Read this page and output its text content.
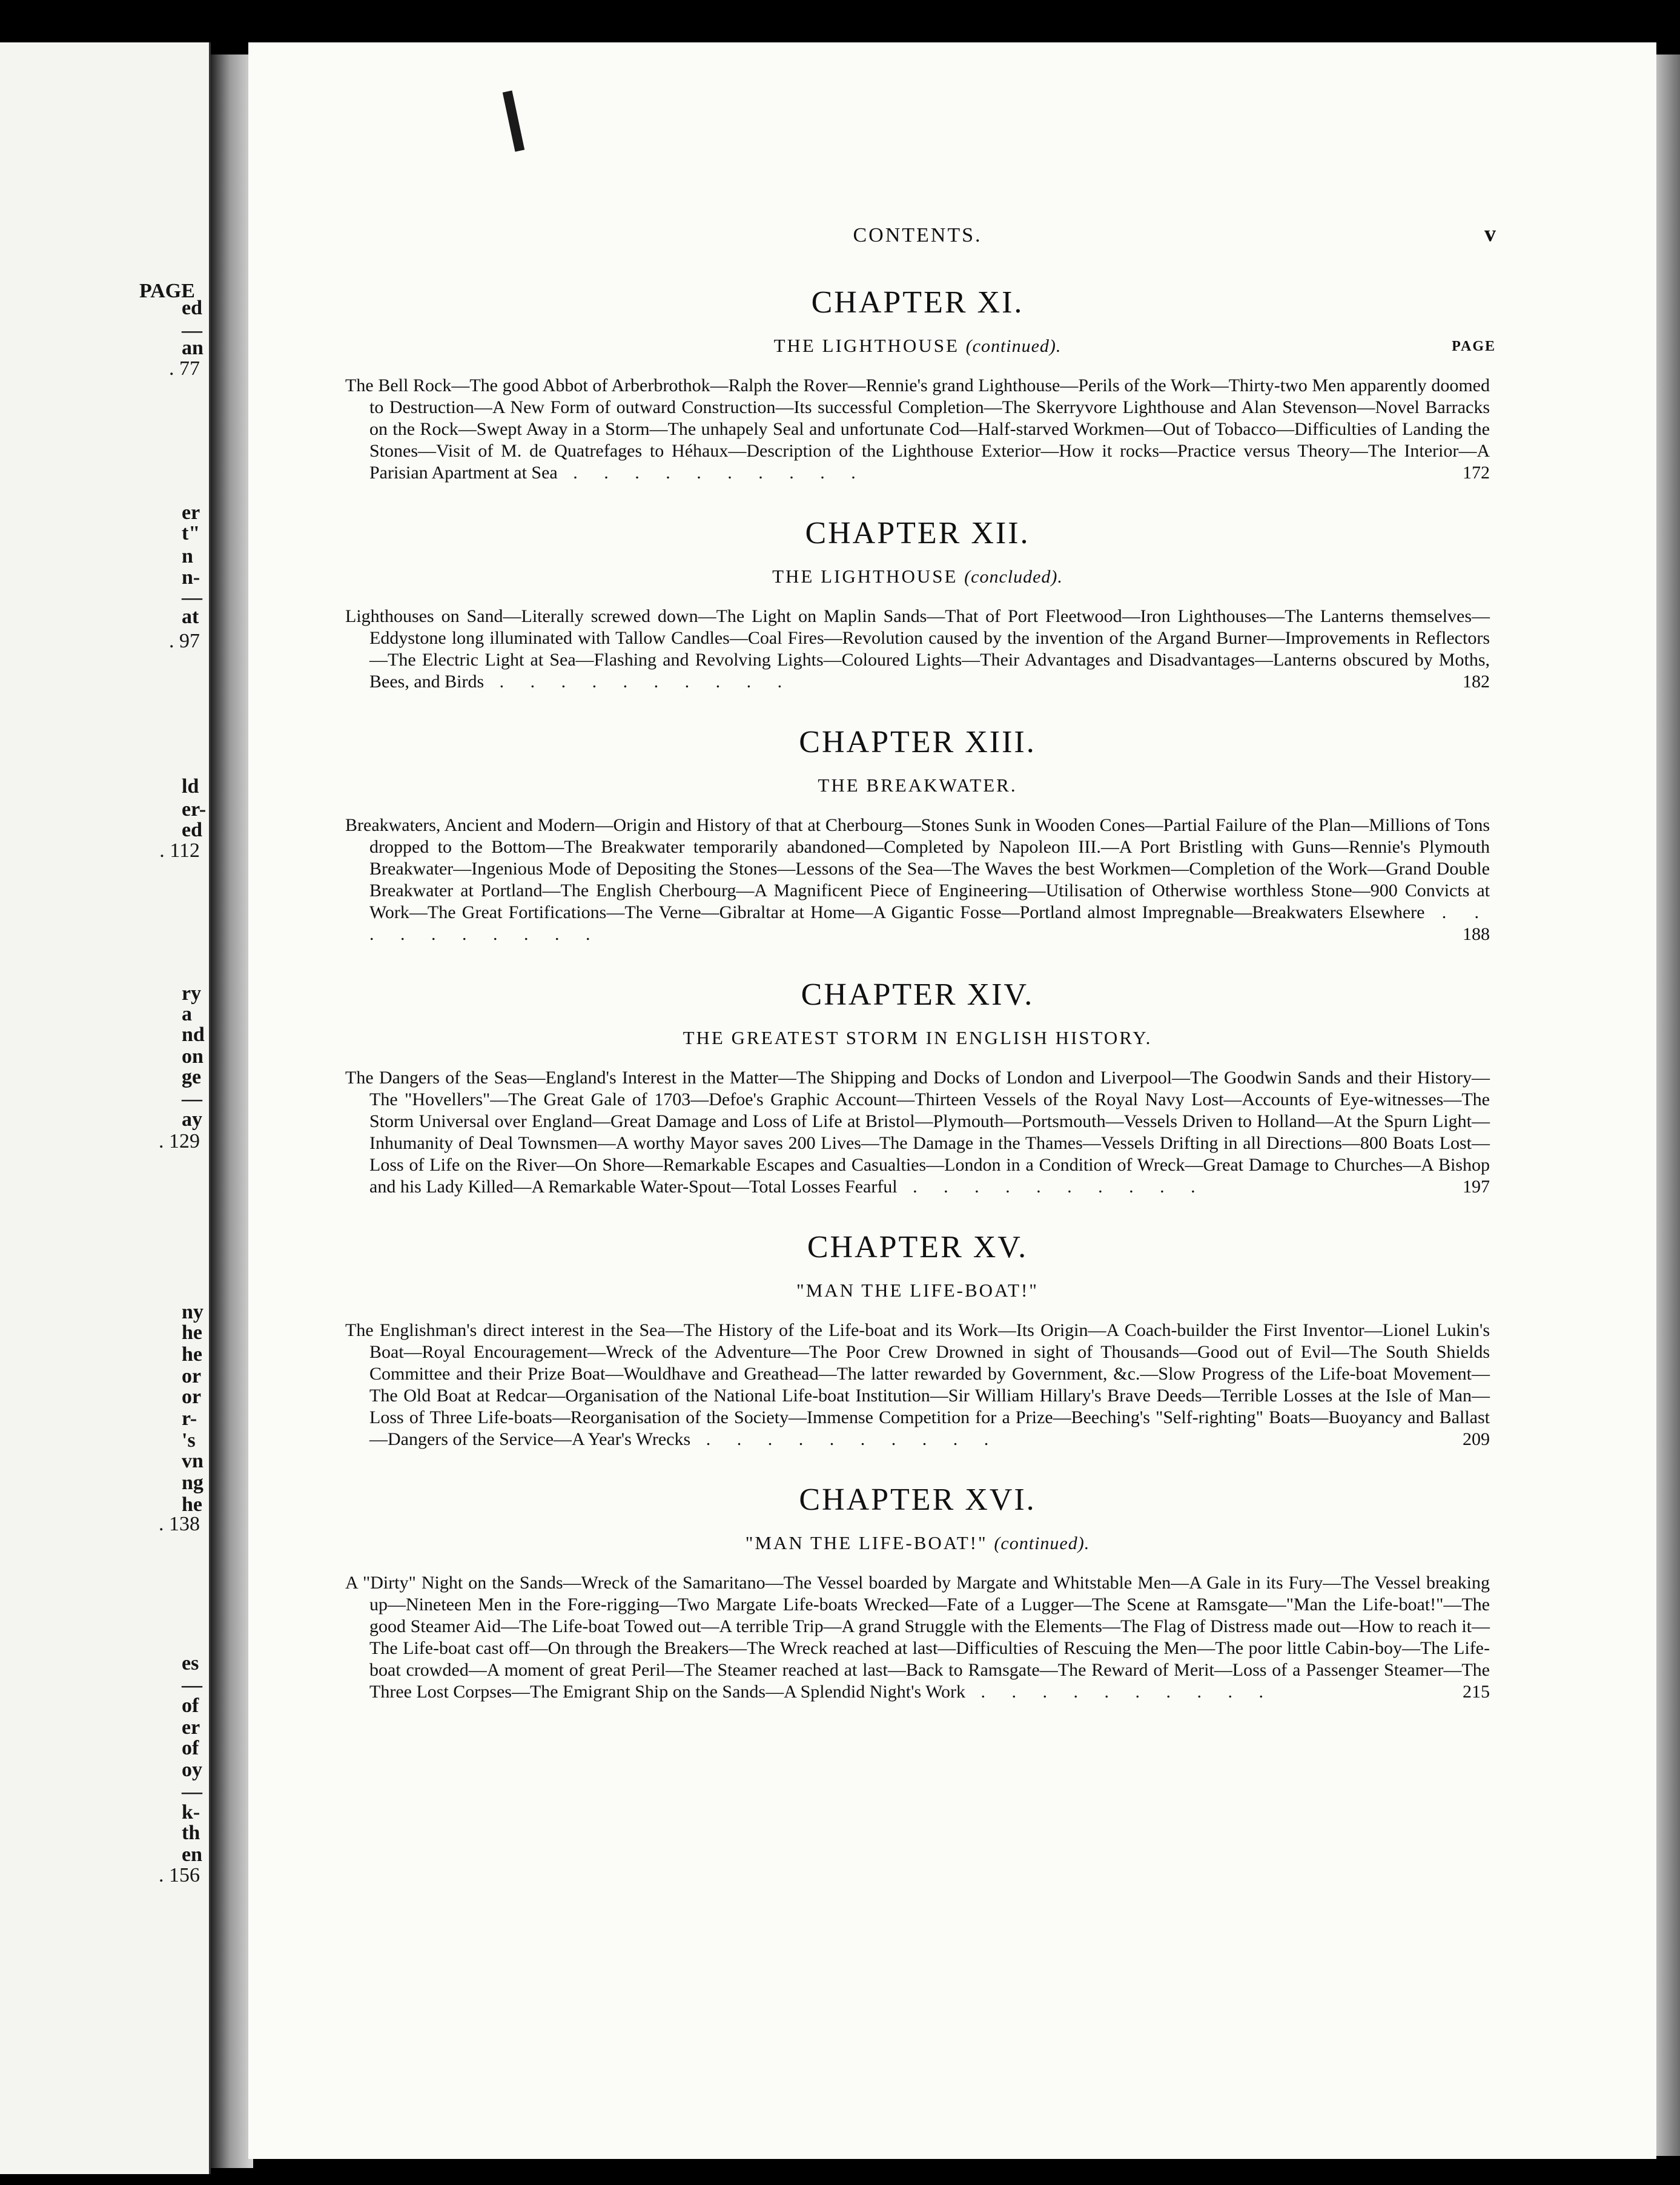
PAGE
ed
—
an
. 77
er
t"
n
n-
—
at
. 97
ld
er-
ed
. 112
ry
a
nd
on
ge
—
ay
. 129
ny
he
he
or
or
r-
's
vn
ng
he
. 138
es
—
of
er
of
oy
—
k-
th
en
. 156
CONTENTS.	v
CHAPTER XI.
THE LIGHTHOUSE (continued).	PAGE
The Bell Rock—The good Abbot of Arberbrothok—Ralph the Rover—Rennie's grand Lighthouse—Perils of the Work—Thirty-two Men apparently doomed to Destruction—A New Form of outward Construction—Its successful Completion—The Skerryvore Lighthouse and Alan Stevenson—Novel Barracks on the Rock—Swept Away in a Storm—The unhapely Seal and unfortunate Cod—Half-starved Workmen—Out of Tobacco—Difficulties of Landing the Stones—Visit of M. de Quatrefages to Héhaux—Description of the Lighthouse Exterior—How it rocks—Practice versus Theory—The Interior—A Parisian Apartment at Sea . . . . . . . . . .	172
CHAPTER XII.
THE LIGHTHOUSE (concluded).
Lighthouses on Sand—Literally screwed down—The Light on Maplin Sands—That of Port Fleetwood—Iron Lighthouses—The Lanterns themselves—Eddystone long illuminated with Tallow Candles—Coal Fires—Revolution caused by the invention of the Argand Burner—Improvements in Reflectors—The Electric Light at Sea—Flashing and Revolving Lights—Coloured Lights—Their Advantages and Disadvantages—Lanterns obscured by Moths, Bees, and Birds . . . . . . . . . .	182
CHAPTER XIII.
THE BREAKWATER.
Breakwaters, Ancient and Modern—Origin and History of that at Cherbourg—Stones Sunk in Wooden Cones—Partial Failure of the Plan—Millions of Tons dropped to the Bottom—The Breakwater temporarily abandoned—Completed by Napoleon III.—A Port Bristling with Guns—Rennie's Plymouth Breakwater—Ingenious Mode of Depositing the Stones—Lessons of the Sea—The Waves the best Workmen—Completion of the Work—Grand Double Breakwater at Portland—The English Cherbourg—A Magnificent Piece of Engineering—Utilisation of Otherwise worthless Stone—900 Convicts at Work—The Great Fortifications—The Verne—Gibraltar at Home—A Gigantic Fosse—Portland almost Impregnable—Breakwaters Elsewhere . . . . . . . . . .	188
CHAPTER XIV.
THE GREATEST STORM IN ENGLISH HISTORY.
The Dangers of the Seas—England's Interest in the Matter—The Shipping and Docks of London and Liverpool—The Goodwin Sands and their History—The "Hovellers"—The Great Gale of 1703—Defoe's Graphic Account—Thirteen Vessels of the Royal Navy Lost—Accounts of Eye-witnesses—The Storm Universal over England—Great Damage and Loss of Life at Bristol—Plymouth—Portsmouth—Vessels Driven to Holland—At the Spurn Light—Inhumanity of Deal Townsmen—A worthy Mayor saves 200 Lives—The Damage in the Thames—Vessels Drifting in all Directions—800 Boats Lost—Loss of Life on the River—On Shore—Remarkable Escapes and Casualties—London in a Condition of Wreck—Great Damage to Churches—A Bishop and his Lady Killed—A Remarkable Water-Spout—Total Losses Fearful . . . . . . . . . .	197
CHAPTER XV.
"MAN THE LIFE-BOAT!"
The Englishman's direct interest in the Sea—The History of the Life-boat and its Work—Its Origin—A Coach-builder the First Inventor—Lionel Lukin's Boat—Royal Encouragement—Wreck of the Adventure—The Poor Crew Drowned in sight of Thousands—Good out of Evil—The South Shields Committee and their Prize Boat—Wouldhave and Greathead—The latter rewarded by Government, &c.—Slow Progress of the Life-boat Movement—The Old Boat at Redcar—Organisation of the National Life-boat Institution—Sir William Hillary's Brave Deeds—Terrible Losses at the Isle of Man—Loss of Three Life-boats—Reorganisation of the Society—Immense Competition for a Prize—Beeching's "Self-righting" Boats—Buoyancy and Ballast—Dangers of the Service—A Year's Wrecks . . . . . . . . . .	209
CHAPTER XVI.
"MAN THE LIFE-BOAT!" (continued).
A "Dirty" Night on the Sands—Wreck of the Samaritano—The Vessel boarded by Margate and Whitstable Men—A Gale in its Fury—The Vessel breaking up—Nineteen Men in the Fore-rigging—Two Margate Life-boats Wrecked—Fate of a Lugger—The Scene at Ramsgate—"Man the Life-boat!"—The good Steamer Aid—The Life-boat Towed out—A terrible Trip—A grand Struggle with the Elements—The Flag of Distress made out—How to reach it—The Life-boat cast off—On through the Breakers—The Wreck reached at last—Difficulties of Rescuing the Men—The poor little Cabin-boy—The Life-boat crowded—A moment of great Peril—The Steamer reached at last—Back to Ramsgate—The Reward of Merit—Loss of a Passenger Steamer—The Three Lost Corpses—The Emigrant Ship on the Sands—A Splendid Night's Work . . . . . . . . . .	215
